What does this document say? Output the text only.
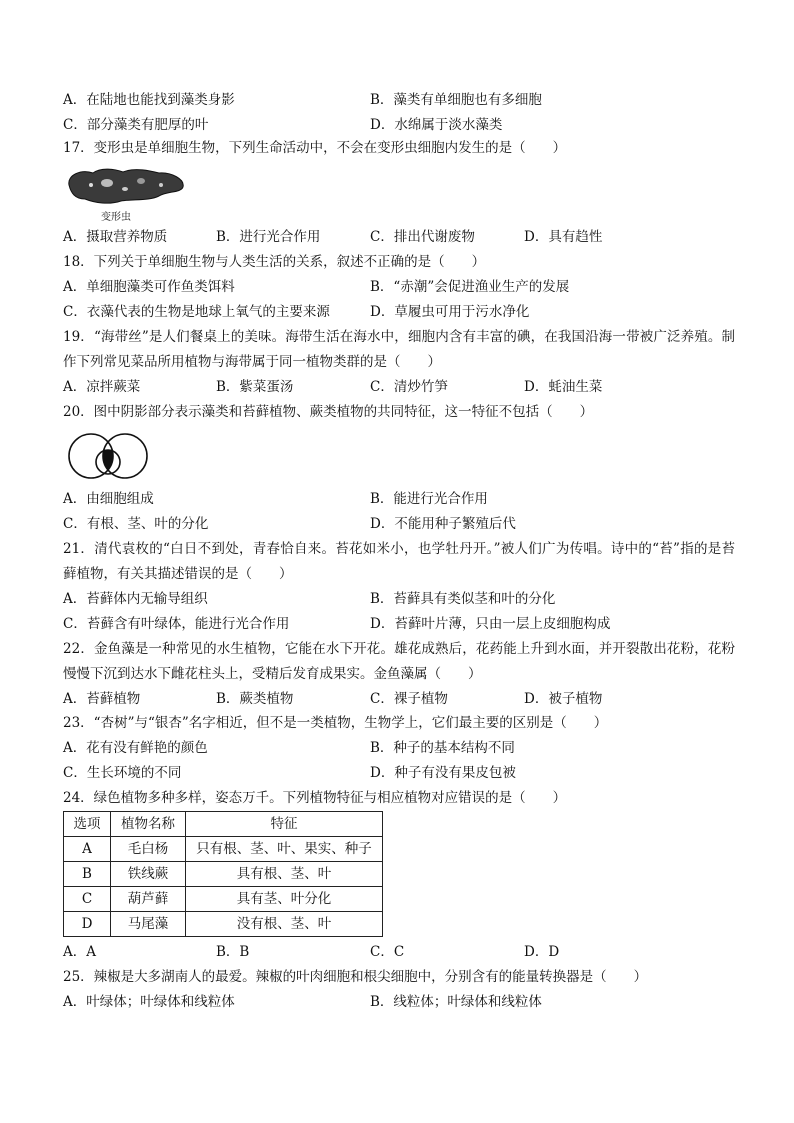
A．在陆地也能找到藻类身影	B．藻类有单细胞也有多细胞
C．部分藻类有肥厚的叶	D．水绵属于淡水藻类
17．变形虫是单细胞生物，下列生命活动中，不会在变形虫细胞内发生的是（　　）
变形虫
A．摄取营养物质	B．进行光合作用	C．排出代谢废物	D．具有趋性
18．下列关于单细胞生物与人类生活的关系，叙述不正确的是（　　）
A．单细胞藻类可作鱼类饵料	B．“赤潮”会促进渔业生产的发展
C．衣藻代表的生物是地球上氧气的主要来源	D．草履虫可用于污水净化
19．“海带丝”是人们餐桌上的美味。海带生活在海水中，细胞内含有丰富的碘，在我国沿海一带被广泛养殖。制作下列常见菜品所用植物与海带属于同一植物类群的是（　　）
A．凉拌蕨菜	B．紫菜蛋汤	C．清炒竹笋	D．蚝油生菜
20．图中阴影部分表示藻类和苔藓植物、蕨类植物的共同特征，这一特征不包括（　　）
A．由细胞组成	B．能进行光合作用
C．有根、茎、叶的分化	D．不能用种子繁殖后代
21．清代袁枚的“白日不到处，青春恰自来。苔花如米小，也学牡丹开。”被人们广为传唱。诗中的“苔”指的是苔藓植物，有关其描述错误的是（　　）
A．苔藓体内无输导组织	B．苔藓具有类似茎和叶的分化
C．苔藓含有叶绿体，能进行光合作用	D．苔藓叶片薄，只由一层上皮细胞构成
22．金鱼藻是一种常见的水生植物，它能在水下开花。雄花成熟后，花药能上升到水面，并开裂散出花粉，花粉慢慢下沉到达水下雌花柱头上，受精后发育成果实。金鱼藻属（　　）
A．苔藓植物	B．蕨类植物	C．裸子植物	D．被子植物
23．“杏树”与“银杏”名字相近，但不是一类植物，生物学上，它们最主要的区别是（　　）
A．花有没有鲜艳的颜色	B．种子的基本结构不同
C．生长环境的不同	D．种子有没有果皮包被
24．绿色植物多种多样，姿态万千。下列植物特征与相应植物对应错误的是（　　）
选项	植物名称	特征
A	毛白杨	只有根、茎、叶、果实、种子
B	铁线蕨	具有根、茎、叶
C	葫芦藓	具有茎、叶分化
D	马尾藻	没有根、茎、叶
A．A	B．B	C．C	D．D
25．辣椒是大多湖南人的最爱。辣椒的叶肉细胞和根尖细胞中，分别含有的能量转换器是（　　）
A．叶绿体；叶绿体和线粒体	B．线粒体；叶绿体和线粒体
